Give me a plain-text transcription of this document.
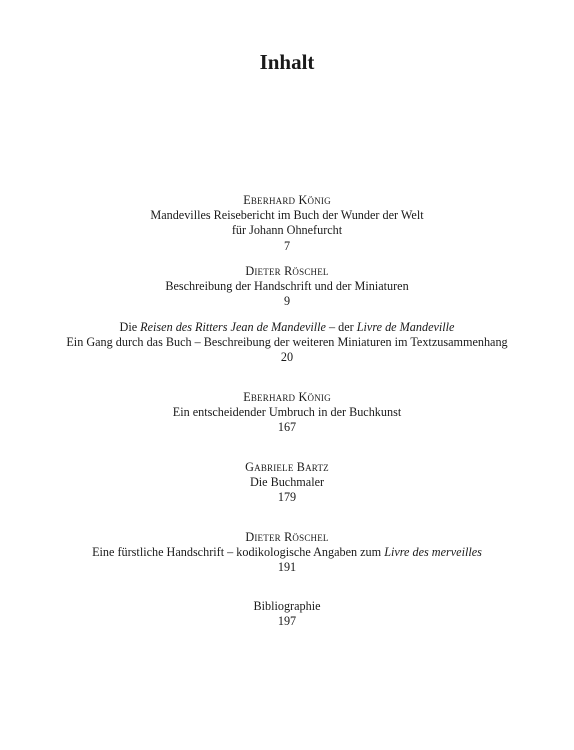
Inhalt
Eberhard König
Mandevilles Reisebericht im Buch der Wunder der Welt
für Johann Ohnefurcht
7
Dieter Röschel
Beschreibung der Handschrift und der Miniaturen
9
Die Reisen des Ritters Jean de Mandeville – der Livre de Mandeville
Ein Gang durch das Buch – Beschreibung der weiteren Miniaturen im Textzusammenhang
20
Eberhard König
Ein entscheidender Umbruch in der Buchkunst
167
Gabriele Bartz
Die Buchmaler
179
Dieter Röschel
Eine fürstliche Handschrift – kodikologische Angaben zum Livre des merveilles
191
Bibliographie
197
